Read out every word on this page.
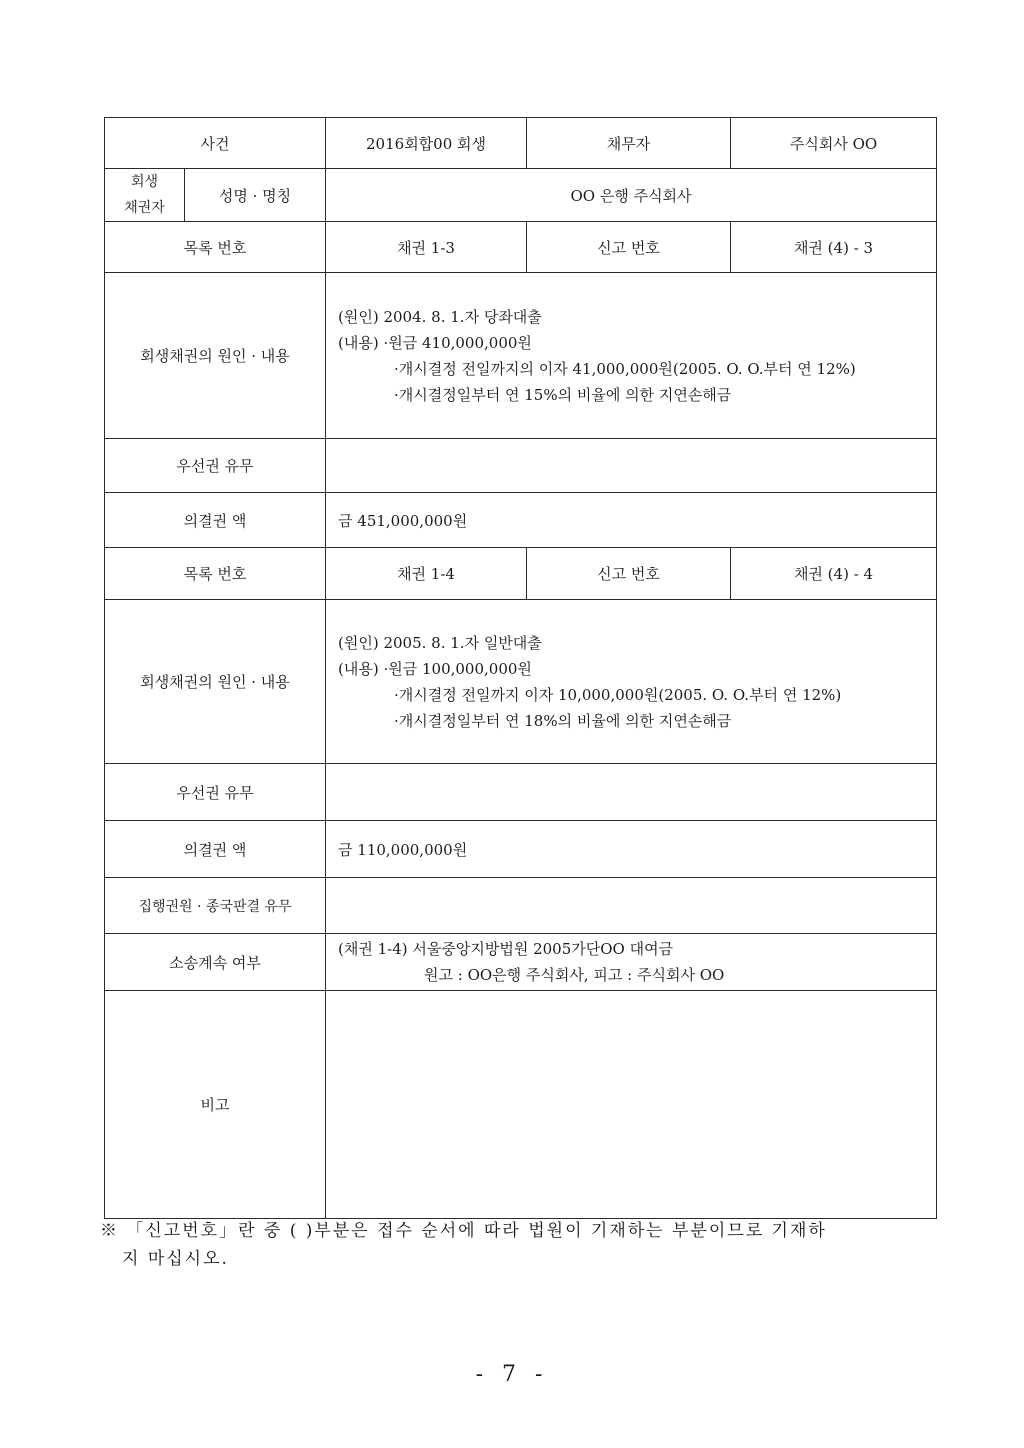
사건		2016회합00 회생	채무자	주식회사 OO

회생
채권자	성명 · 명칭	OO 은행 주식회사		
목록 번호		채권 1-3	신고 번호	채권 (4) - 3
회생채권의 원인 · 내용		(원인) 2004. 8. 1.자 당좌대출
(내용) ·원금 410,000,000원
·개시결정 전일까지의 이자 41,000,000원(2005. O. O.부터 연 12%)
·개시결정일부터 연 15%의 비율에 의한 지연손해금		

우선권 유무				
의결권 액		금 451,000,000원		
목록 번호		채권 1-4	신고 번호	채권 (4) - 4
회생채권의 원인 · 내용		(원인) 2005. 8. 1.자 일반대출
(내용) ·원금 100,000,000원
·개시결정 전일까지 이자 10,000,000원(2005. O. O.부터 연 12%)
·개시결정일부터 연 18%의 비율에 의한 지연손해금		

우선권 유무				
의결권 액		금 110,000,000원		
집행권원 · 종국판결 유무				
소송계속 여부		(채권 1-4) 서울중앙지방법원 2005가단OO 대여금
원고 : OO은행 주식회사, 피고 : 주식회사 OO		

비고				
※ 「신고번호」란 중 ( )부분은 접수 순서에 따라 법원이 기재하는 부분이므로 기재하
지 마십시오.
- 7 -
